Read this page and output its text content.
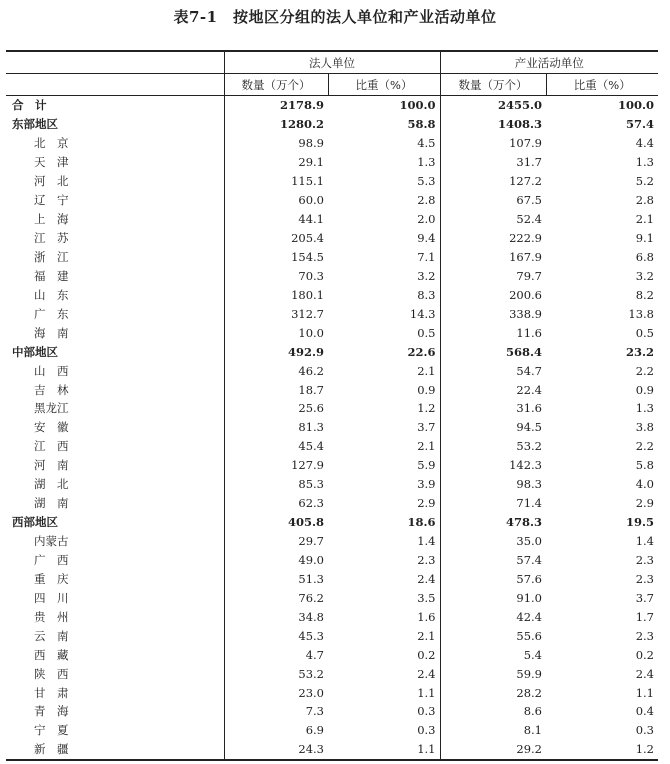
表7-1　按地区分组的法人单位和产业活动单位
	法人单位		产业活动单位	
	数量（万个）	比重（%）	数量（万个）	比重（%）
合　计	2178.9	100.0	2455.0	100.0
东部地区	1280.2	58.8	1408.3	57.4
北　京	98.9	4.5	107.9	4.4
天　津	29.1	1.3	31.7	1.3
河　北	115.1	5.3	127.2	5.2
辽　宁	60.0	2.8	67.5	2.8
上　海	44.1	2.0	52.4	2.1
江　苏	205.4	9.4	222.9	9.1
浙　江	154.5	7.1	167.9	6.8
福　建	70.3	3.2	79.7	3.2
山　东	180.1	8.3	200.6	8.2
广　东	312.7	14.3	338.9	13.8
海　南	10.0	0.5	11.6	0.5
中部地区	492.9	22.6	568.4	23.2
山　西	46.2	2.1	54.7	2.2
吉　林	18.7	0.9	22.4	0.9
黑龙江	25.6	1.2	31.6	1.3
安　徽	81.3	3.7	94.5	3.8
江　西	45.4	2.1	53.2	2.2
河　南	127.9	5.9	142.3	5.8
湖　北	85.3	3.9	98.3	4.0
湖　南	62.3	2.9	71.4	2.9
西部地区	405.8	18.6	478.3	19.5
内蒙古	29.7	1.4	35.0	1.4
广　西	49.0	2.3	57.4	2.3
重　庆	51.3	2.4	57.6	2.3
四　川	76.2	3.5	91.0	3.7
贵　州	34.8	1.6	42.4	1.7
云　南	45.3	2.1	55.6	2.3
西　藏	4.7	0.2	5.4	0.2
陕　西	53.2	2.4	59.9	2.4
甘　肃	23.0	1.1	28.2	1.1
青　海	7.3	0.3	8.6	0.4
宁　夏	6.9	0.3	8.1	0.3
新　疆	24.3	1.1	29.2	1.2
